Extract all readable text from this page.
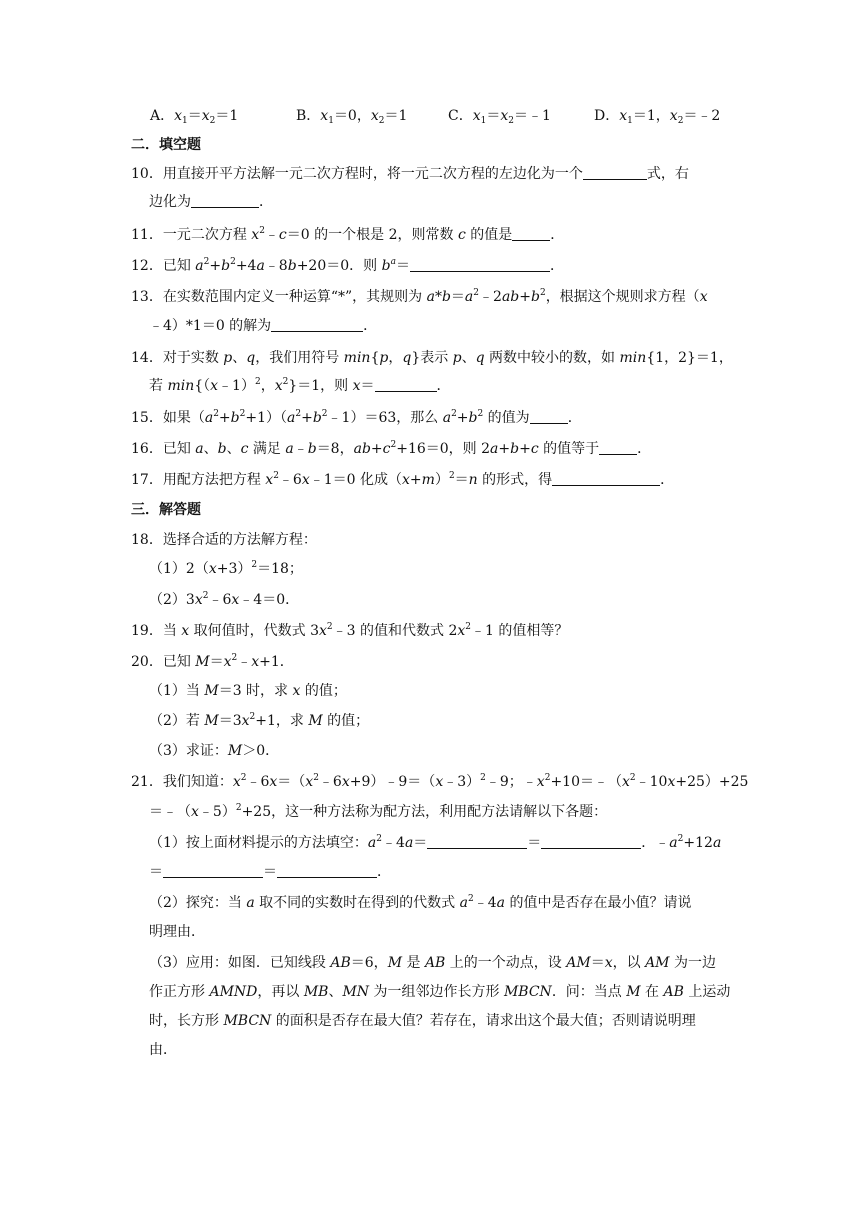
A．$x_1=x_2=1$	B．$x_1=0$，$x_2=1$	C．$x_1=x_2=﹣1$	D．$x_1=1$，$x_2=﹣2$
二．填空题
10．用直接开平方法解一元二次方程时，将一元二次方程的左边化为一个	式，右
边化为	．
11．一元二次方程 $x^2﹣c=0$ 的一个根是 2，则常数 c 的值是	．
12．已知 $a^2+b^2+4a﹣8b+20=0$．则 $b^a=$	．
13．在实数范围内定义一种运算“*”，其规则为 $a*b=a^2﹣2ab+b^2$，根据这个规则求方程（x
﹣4）*1＝0 的解为	．
14．对于实数 p、q，我们用符号 min{p，q}表示 p、q 两数中较小的数，如 min{1，2}＝1，
若 min{（x﹣1）$^2$，$x^2\}=1$，则 x＝	．
15．如果$(a^2+b^2+1)(a^2+b^2﹣1)=63$，那么 $a^2+b^2$ 的值为	．
16．已知 a、b、c 满足 a﹣b＝8，$ab+c^2+16=0$，则 2a+b+c 的值等于	．
17．用配方法把方程 $x^2﹣6x﹣1=0$ 化成$(x+m)^2=n$ 的形式，得	．
三．解答题
18．选择合适的方法解方程：
$(1)2(x+3)^2=18$；
$(2)3x^2﹣6x﹣4=0$．
19．当 x 取何值时，代数式 $3x^2﹣3$ 的值和代数式 $2x^2﹣1$ 的值相等？
20．已知 $M=x^2﹣x+1$．
（1）当 M＝3 时，求 x 的值；
（2）若 $M=3x^2+1$，求 M 的值；
（3）求证：M＞0．
21．我们知道：$x^2﹣6x=(x^2﹣6x+9)﹣9=(x﹣3)^2﹣9$；$﹣x^2+10=﹣(x^2﹣10x+25)+25$
＝﹣（x﹣5）$^2$+25，这一种方法称为配方法，利用配方法请解以下各题：
（1）按上面材料提示的方法填空：$a^2﹣4a=$	＝	．$﹣a^2+12a$
＝	＝	．
（2）探究：当 a 取不同的实数时在得到的代数式 $a^2﹣4a$ 的值中是否存在最小值？请说
明理由．
（3）应用：如图．已知线段 AB＝6，M 是 AB 上的一个动点，设 AM＝x，以 AM 为一边
作正方形 AMND，再以 MB、MN 为一组邻边作长方形 MBCN．问：当点 M 在 AB 上运动
时，长方形 MBCN 的面积是否存在最大值？若存在，请求出这个最大值；否则请说明理
由．
